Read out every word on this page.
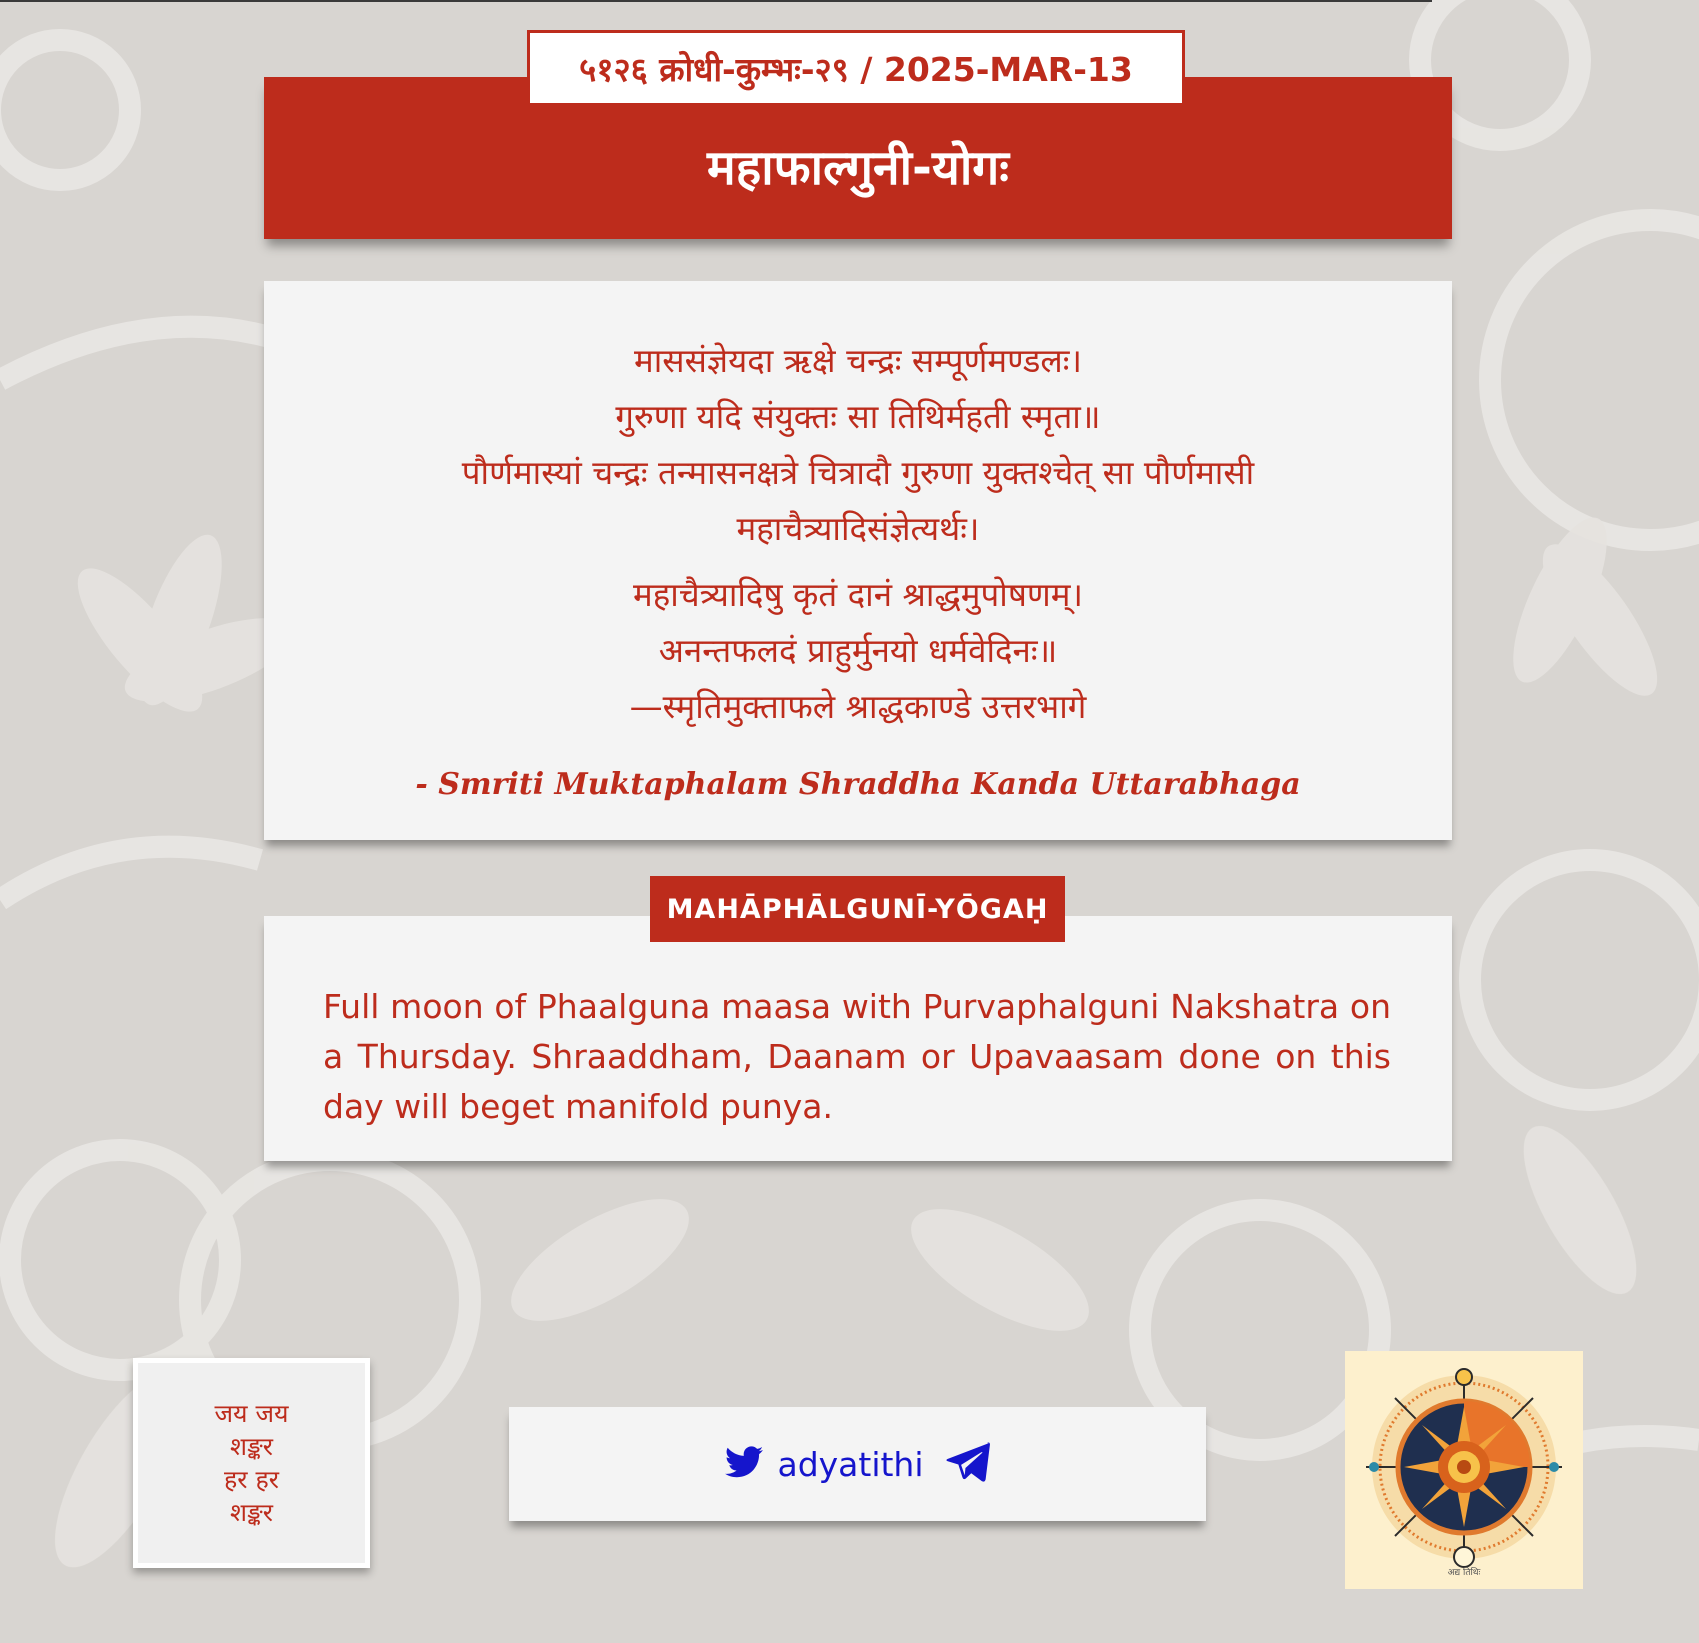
५१२६ क्रोधी-कुम्भः-२९ / 2025-MAR-13
महाफाल्गुनी-योगः
माससंज्ञेयदा ऋक्षे चन्द्रः सम्पूर्णमण्डलः।
गुरुणा यदि संयुक्तः सा तिथिर्महती स्मृता॥
पौर्णमास्यां चन्द्रः तन्मासनक्षत्रे चित्रादौ गुरुणा युक्तश्चेत् सा पौर्णमासी
महाचैत्र्यादिसंज्ञेत्यर्थः।
महाचैत्र्यादिषु कृतं दानं श्राद्धमुपोषणम्।
अनन्तफलदं प्राहुर्मुनयो धर्मवेदिनः॥
—स्मृतिमुक्ताफले श्राद्धकाण्डे उत्तरभागे
- Smriti Muktaphalam Shraddha Kanda Uttarabhaga
Full moon of Phaalguna maasa with Purvaphalguni Nakshatra on a Thursday. Shraaddham, Daanam or Upavaasam done on this day will beget manifold punya.
MAHĀPHĀLGUNĪ-YŌGAḤ
जय जय
शङ्कर
हर हर
शङ्कर
adyatithi
अद्य तिथिः
